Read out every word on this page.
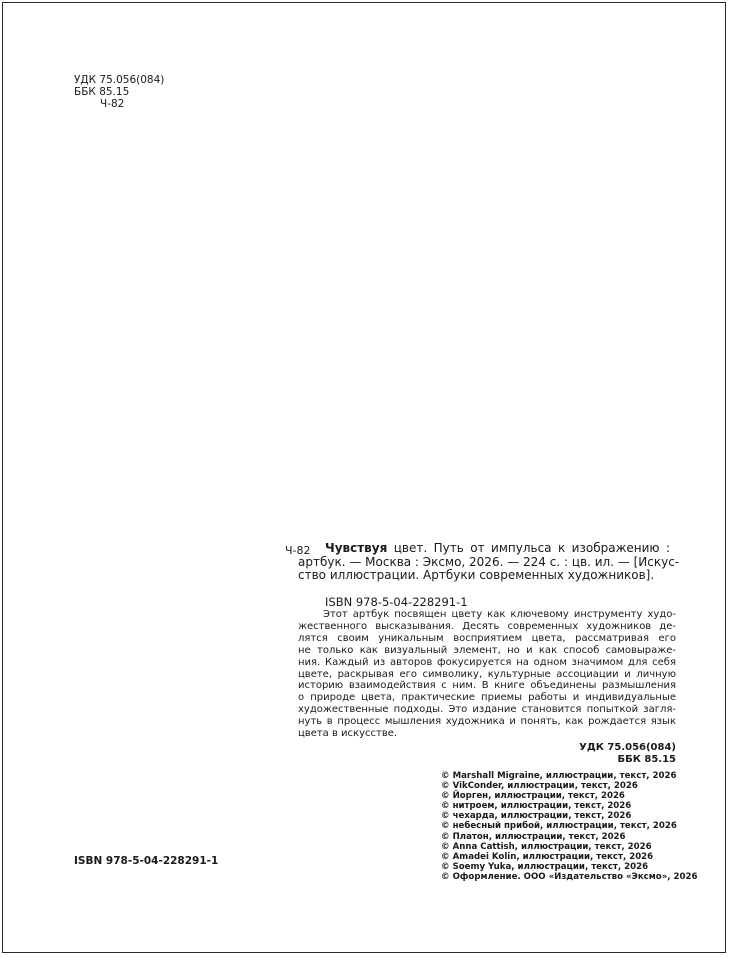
УДК 75.056(084)
ББК 85.15
Ч-82
Ч-82 Чувствуя цвет. Путь от импульса к изображению :
артбук. — Москва : Эксмо, 2026. — 224 с. : цв. ил. — [Искус-
ство иллюстрации. Артбуки современных художников].
ISBN 978-5-04-228291-1
Этот артбук посвящен цвету как ключевому инструменту худо-
жественного высказывания. Десять современных художников де-
лятся своим уникальным восприятием цвета, рассматривая его
не только как визуальный элемент, но и как способ самовыраже-
ния. Каждый из авторов фокусируется на одном значимом для себя
цвете, раскрывая его символику, культурные ассоциации и личную
историю взаимодействия с ним. В книге объединены размышления
о природе цвета, практические приемы работы и индивидуальные
художественные подходы. Это издание становится попыткой загля-
нуть в процесс мышления художника и понять, как рождается язык
цвета в искусстве.
УДК 75.056(084)
ББК 85.15
© Marshall Migraine, иллюстрации, текст, 2026
© VikConder, иллюстрации, текст, 2026
© Йорген, иллюстрации, текст, 2026
© нитроем, иллюстрации, текст, 2026
© чехардa, иллюстрации, текст, 2026
© небесный прибой, иллюстрации, текст, 2026
© Платон, иллюстрации, текст, 2026
© Anna Cattish, иллюстрации, текст, 2026
© Amadei Kolin, иллюстрации, текст, 2026
© Soemy Yuka, иллюстрации, текст, 2026
© Оформление. ООО «Издательство «Эксмо», 2026
ISBN 978-5-04-228291-1
